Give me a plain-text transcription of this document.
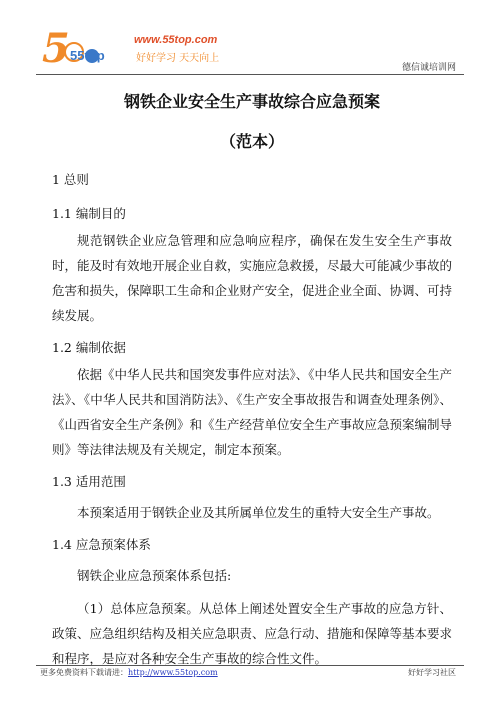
5 55top
www.55top.com
好好学习 天天向上
德信诚培训网
钢铁企业安全生产事故综合应急预案
（范本）
1 总则
1.1 编制目的
规范钢铁企业应急管理和应急响应程序，确保在发生安全生产事故时，能及时有效地开展企业自救，实施应急救援，尽最大可能减少事故的危害和损失，保障职工生命和企业财产安全，促进企业全面、协调、可持续发展。
1.2 编制依据
依据《中华人民共和国突发事件应对法》、《中华人民共和国安全生产法》、《中华人民共和国消防法》、《生产安全事故报告和调查处理条例》、《山西省安全生产条例》和《生产经营单位安全生产事故应急预案编制导则》等法律法规及有关规定，制定本预案。
1.3 适用范围
本预案适用于钢铁企业及其所属单位发生的重特大安全生产事故。
1.4 应急预案体系
钢铁企业应急预案体系包括:
（1）总体应急预案。从总体上阐述处置安全生产事故的应急方针、政策、应急组织结构及相关应急职责、应急行动、措施和保障等基本要求和程序，是应对各种安全生产事故的综合性文件。
更多免费资料下载请进：http://www.55top.com	好好学习社区
